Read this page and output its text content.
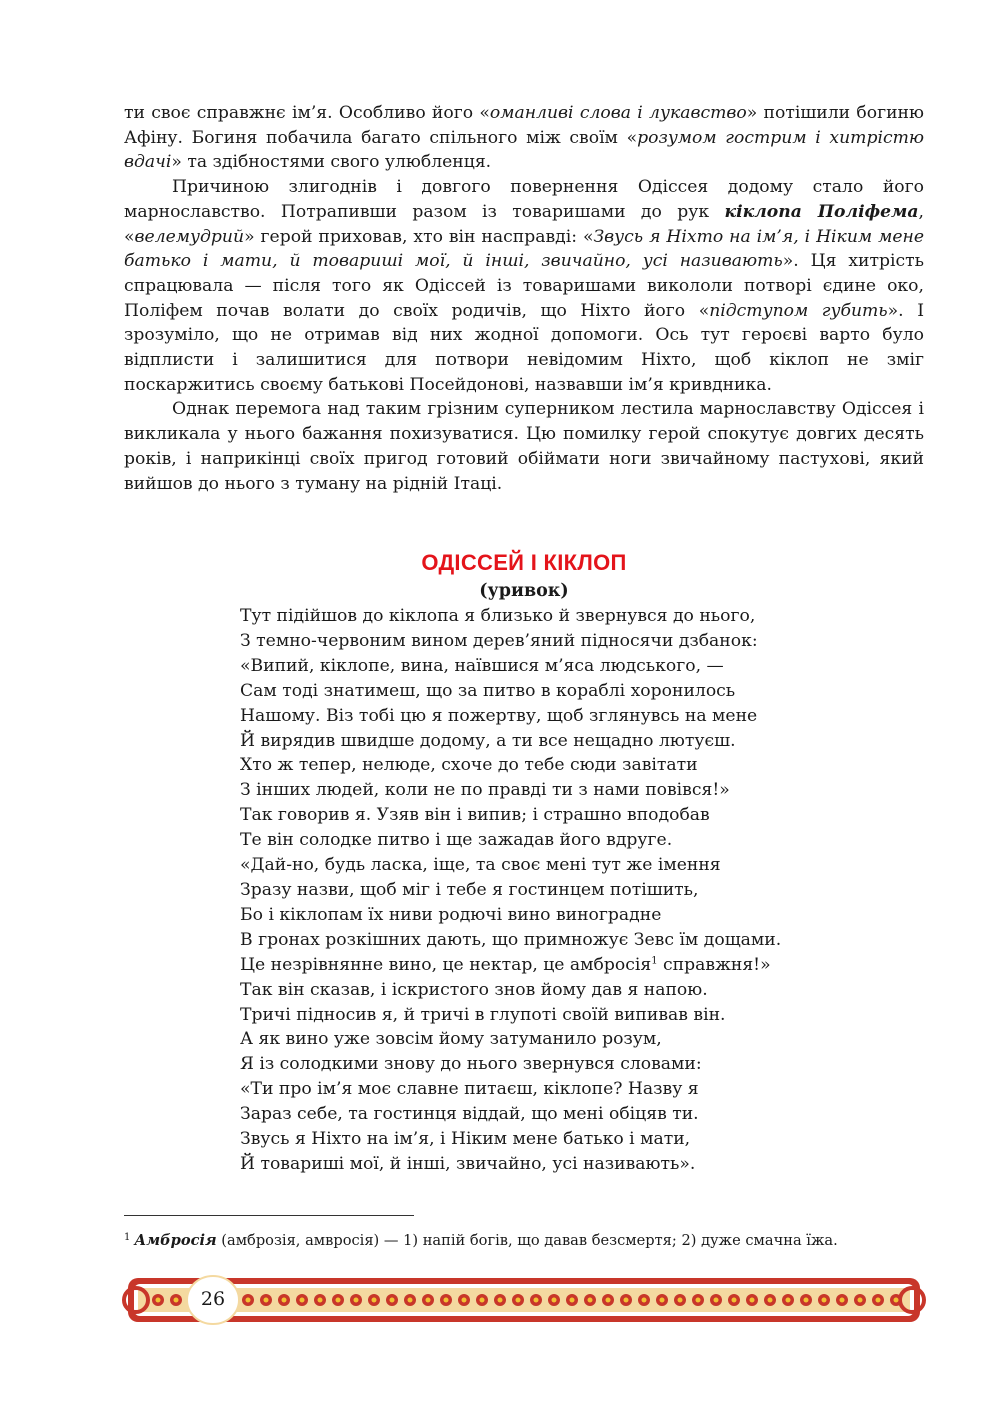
ти своє справжнє ім’я. Особливо його «оманливі слова і лукавство» потішили богиню Афіну. Богиня побачила багато спільного між своїм «розумом гострим і хитрістю вдачі» та здібностями свого улюбленця.

Причиною злигоднів і довгого повернення Одіссея додому стало його марнославство. Потрапивши разом із товаришами до рук кіклопа Поліфема, «велемудрий» герой приховав, хто він насправді: «Звусь я Ніхто на ім’я, і Ніким мене батько і мати, й товариші мої, й інші, звичайно, усі називають». Ця хитрість спрацювала — після того як Одіссей із товаришами викололи потворі єдине око, Поліфем почав волати до своїх родичів, що Ніхто його «підступом губить». І зрозуміло, що не отримав від них жодної допомоги. Ось тут героєві варто було відплисти і залишитися для потвори невідомим Ніхто, щоб кіклоп не зміг поскаржитись своєму батькові Посейдонові, назвавши ім’я кривдника.

Однак перемога над таким грізним суперником лестила марнославству Одіссея і викликала у нього бажання похизуватися. Цю помилку герой спокутує довгих десять років, і наприкінці своїх пригод готовий обіймати ноги звичайному пастухові, який вийшов до нього з туману на рідній Ітаці.

ОДІССЕЙ І КІКЛОП
(уривок)
Тут підійшов до кіклопа я близько й звернувся до нього,
З темно-червоним вином дерев’яний підносячи дзбанок:
«Випий, кіклопе, вина, наївшися м’яса людського, —
Сам тоді знатимеш, що за питво в кораблі хоронилось
Нашому. Віз тобі цю я пожертву, щоб зглянувсь на мене
Й вирядив швидше додому, а ти все нещадно лютуєш.
Хто ж тепер, нелюде, схоче до тебе сюди завітати
З інших людей, коли не по правді ти з нами повівся!»
Так говорив я. Узяв він і випив; і страшно вподобав
Те він солодке питво і ще зажадав його вдруге.
«Дай-но, будь ласка, іще, та своє мені тут же імення
Зразу назви, щоб міг і тебе я гостинцем потішить,
Бо і кіклопам їх ниви родючі вино виноградне
В гронах розкішних дають, що примножує Зевс їм дощами.
Це незрівнянне вино, це нектар, це амбросія$^1$ справжня!»
Так він сказав, і іскристого знов йому дав я напою.
Тричі підносив я, й тричі в глупоті своїй випивав він.
А як вино уже зовсім йому затуманило розум,
Я із солодкими знову до нього звернувся словами:
«Ти про ім’я моє славне питаєш, кіклопе? Назву я
Зараз себе, та гостинця віддай, що мені обіцяв ти.
Звусь я Ніхто на ім’я, і Ніким мене батько і мати,
Й товариші мої, й інші, звичайно, усі називають».
$^1$ Амбросія (амброзія, амвросія) — 1) напій богів, що давав безсмертя; 2) дуже смачна їжа.
26
